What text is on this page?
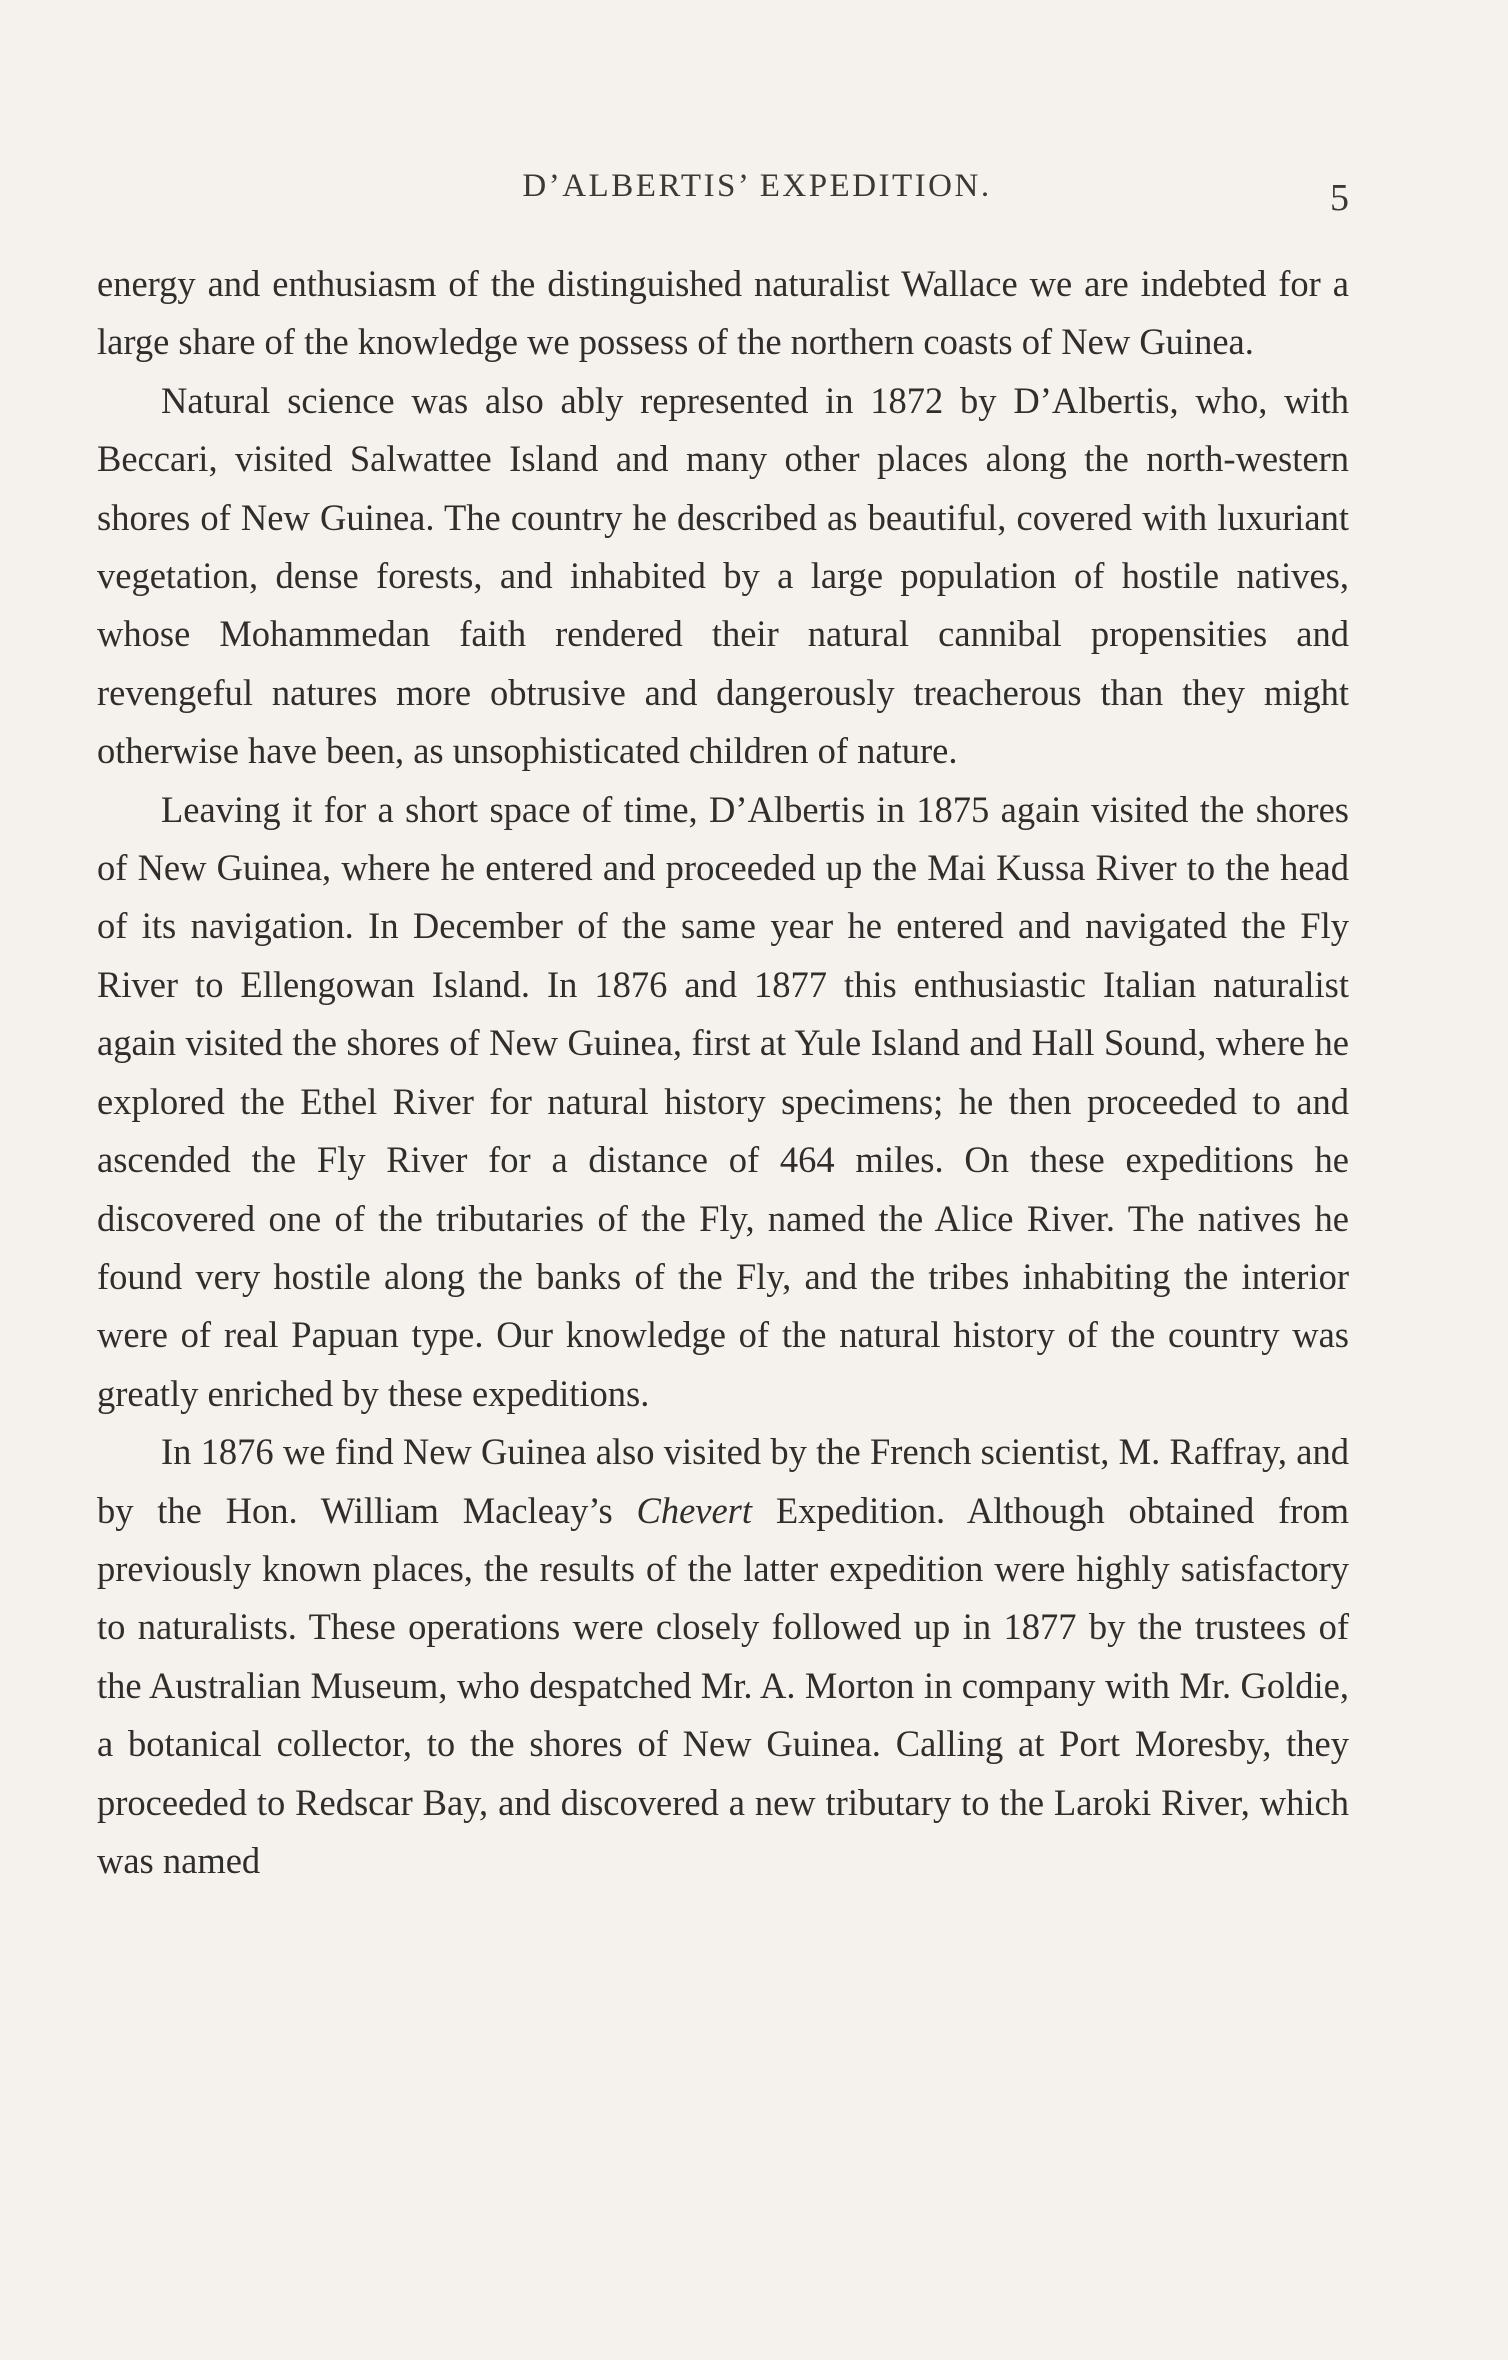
D’ALBERTIS’ EXPEDITION.	5

energy and enthusiasm of the distinguished naturalist Wallace we are indebted for a large share of the knowledge we possess of the northern coasts of New Guinea.

Natural science was also ably represented in 1872 by D’Albertis, who, with Beccari, visited Salwattee Island and many other places along the north-western shores of New Guinea. The country he described as beautiful, covered with luxuriant vegetation, dense forests, and inhabited by a large population of hostile natives, whose Mohammedan faith rendered their natural cannibal propensities and revengeful natures more obtrusive and dangerously treacherous than they might otherwise have been, as unsophisticated children of nature.

Leaving it for a short space of time, D’Albertis in 1875 again visited the shores of New Guinea, where he entered and proceeded up the Mai Kussa River to the head of its navigation. In December of the same year he entered and navigated the Fly River to Ellengowan Island. In 1876 and 1877 this enthusiastic Italian naturalist again visited the shores of New Guinea, first at Yule Island and Hall Sound, where he explored the Ethel River for natural history specimens; he then proceeded to and ascended the Fly River for a distance of 464 miles. On these expeditions he discovered one of the tributaries of the Fly, named the Alice River. The natives he found very hostile along the banks of the Fly, and the tribes inhabiting the interior were of real Papuan type. Our knowledge of the natural history of the country was greatly enriched by these expeditions.

In 1876 we find New Guinea also visited by the French scientist, M. Raffray, and by the Hon. William Macleay’s Chevert Expedition. Although obtained from previously known places, the results of the latter expedition were highly satisfactory to naturalists. These operations were closely followed up in 1877 by the trustees of the Australian Museum, who despatched Mr. A. Morton in company with Mr. Goldie, a botanical collector, to the shores of New Guinea. Calling at Port Moresby, they proceeded to Redscar Bay, and discovered a new tributary to the Laroki River, which was named
